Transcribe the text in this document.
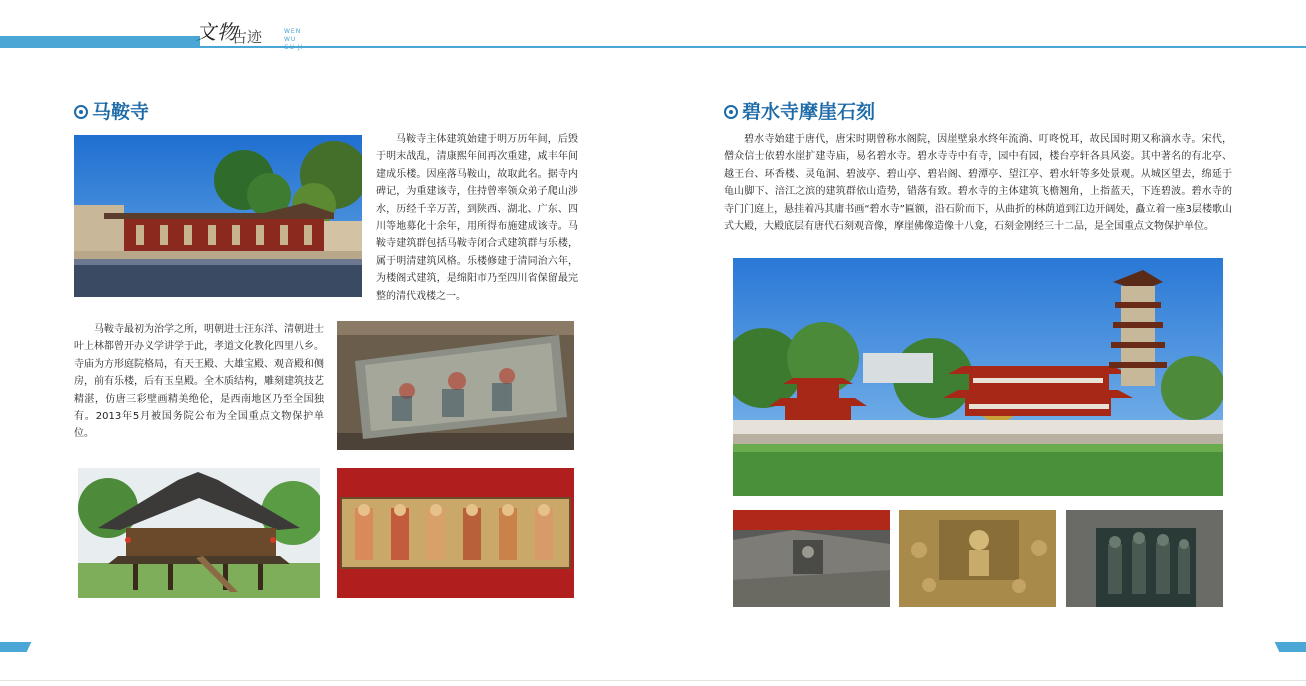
文物
古迹	WEN WU
GU JI
马鞍寺

马鞍寺主体建筑始建于明万历年间，后毁于明末战乱，清康熙年间再次重建，咸丰年间建成乐楼。因座落马鞍山，故取此名。据寺内碑记，为重建该寺，住持曾率领众弟子爬山涉水，历经千辛万苦，到陕西、湖北、广东、四川等地募化十余年，用所得布施建成该寺。马鞍寺建筑群包括马鞍寺闭合式建筑群与乐楼，属于明清建筑风格。乐楼修建于清同治六年，为楼阁式建筑，是绵阳市乃至四川省保留最完整的清代戏楼之一。

马鞍寺最初为治学之所，明朝进士汪东洋、清朝进士叶上林都曾开办义学讲学于此，孝道文化教化四里八乡。寺庙为方形庭院格局，有天王殿、大雄宝殿、观音殿和侧房，前有乐楼，后有玉皇殿。全木质结构，雕刻建筑技艺精湛，仿唐三彩壁画精美绝伦，是西南地区乃至全国独有。2013年5月被国务院公布为全国重点文物保护单位。

碧水寺摩崖石刻

碧水寺始建于唐代，唐宋时期曾称水阁院，因崖壁泉水终年流淌、叮咚悦耳，故民国时期又称滴水寺。宋代，僧众信士依碧水崖扩建寺庙，易名碧水寺。碧水寺寺中有寺，园中有园，楼台亭轩各具风姿。其中著名的有北亭、越王台、环香楼、灵龟洞、碧波亭、碧山亭、碧岩阁、碧潭亭、望江亭、碧水轩等多处景观。从城区望去，绵延于龟山脚下、涪江之滨的建筑群依山造势，错落有致。碧水寺的主体建筑飞檐翘角，上指蓝天，下连碧波。碧水寺的寺门门庭上，悬挂着冯其庸书画“碧水寺”匾额，沿石阶而下，从曲折的林荫道到江边开阔处，矗立着一座3层楼歌山式大殿，大殿底层有唐代石刻观音像，摩崖佛像造像十八龛，石刻金刚经三十二品，是全国重点文物保护单位。
